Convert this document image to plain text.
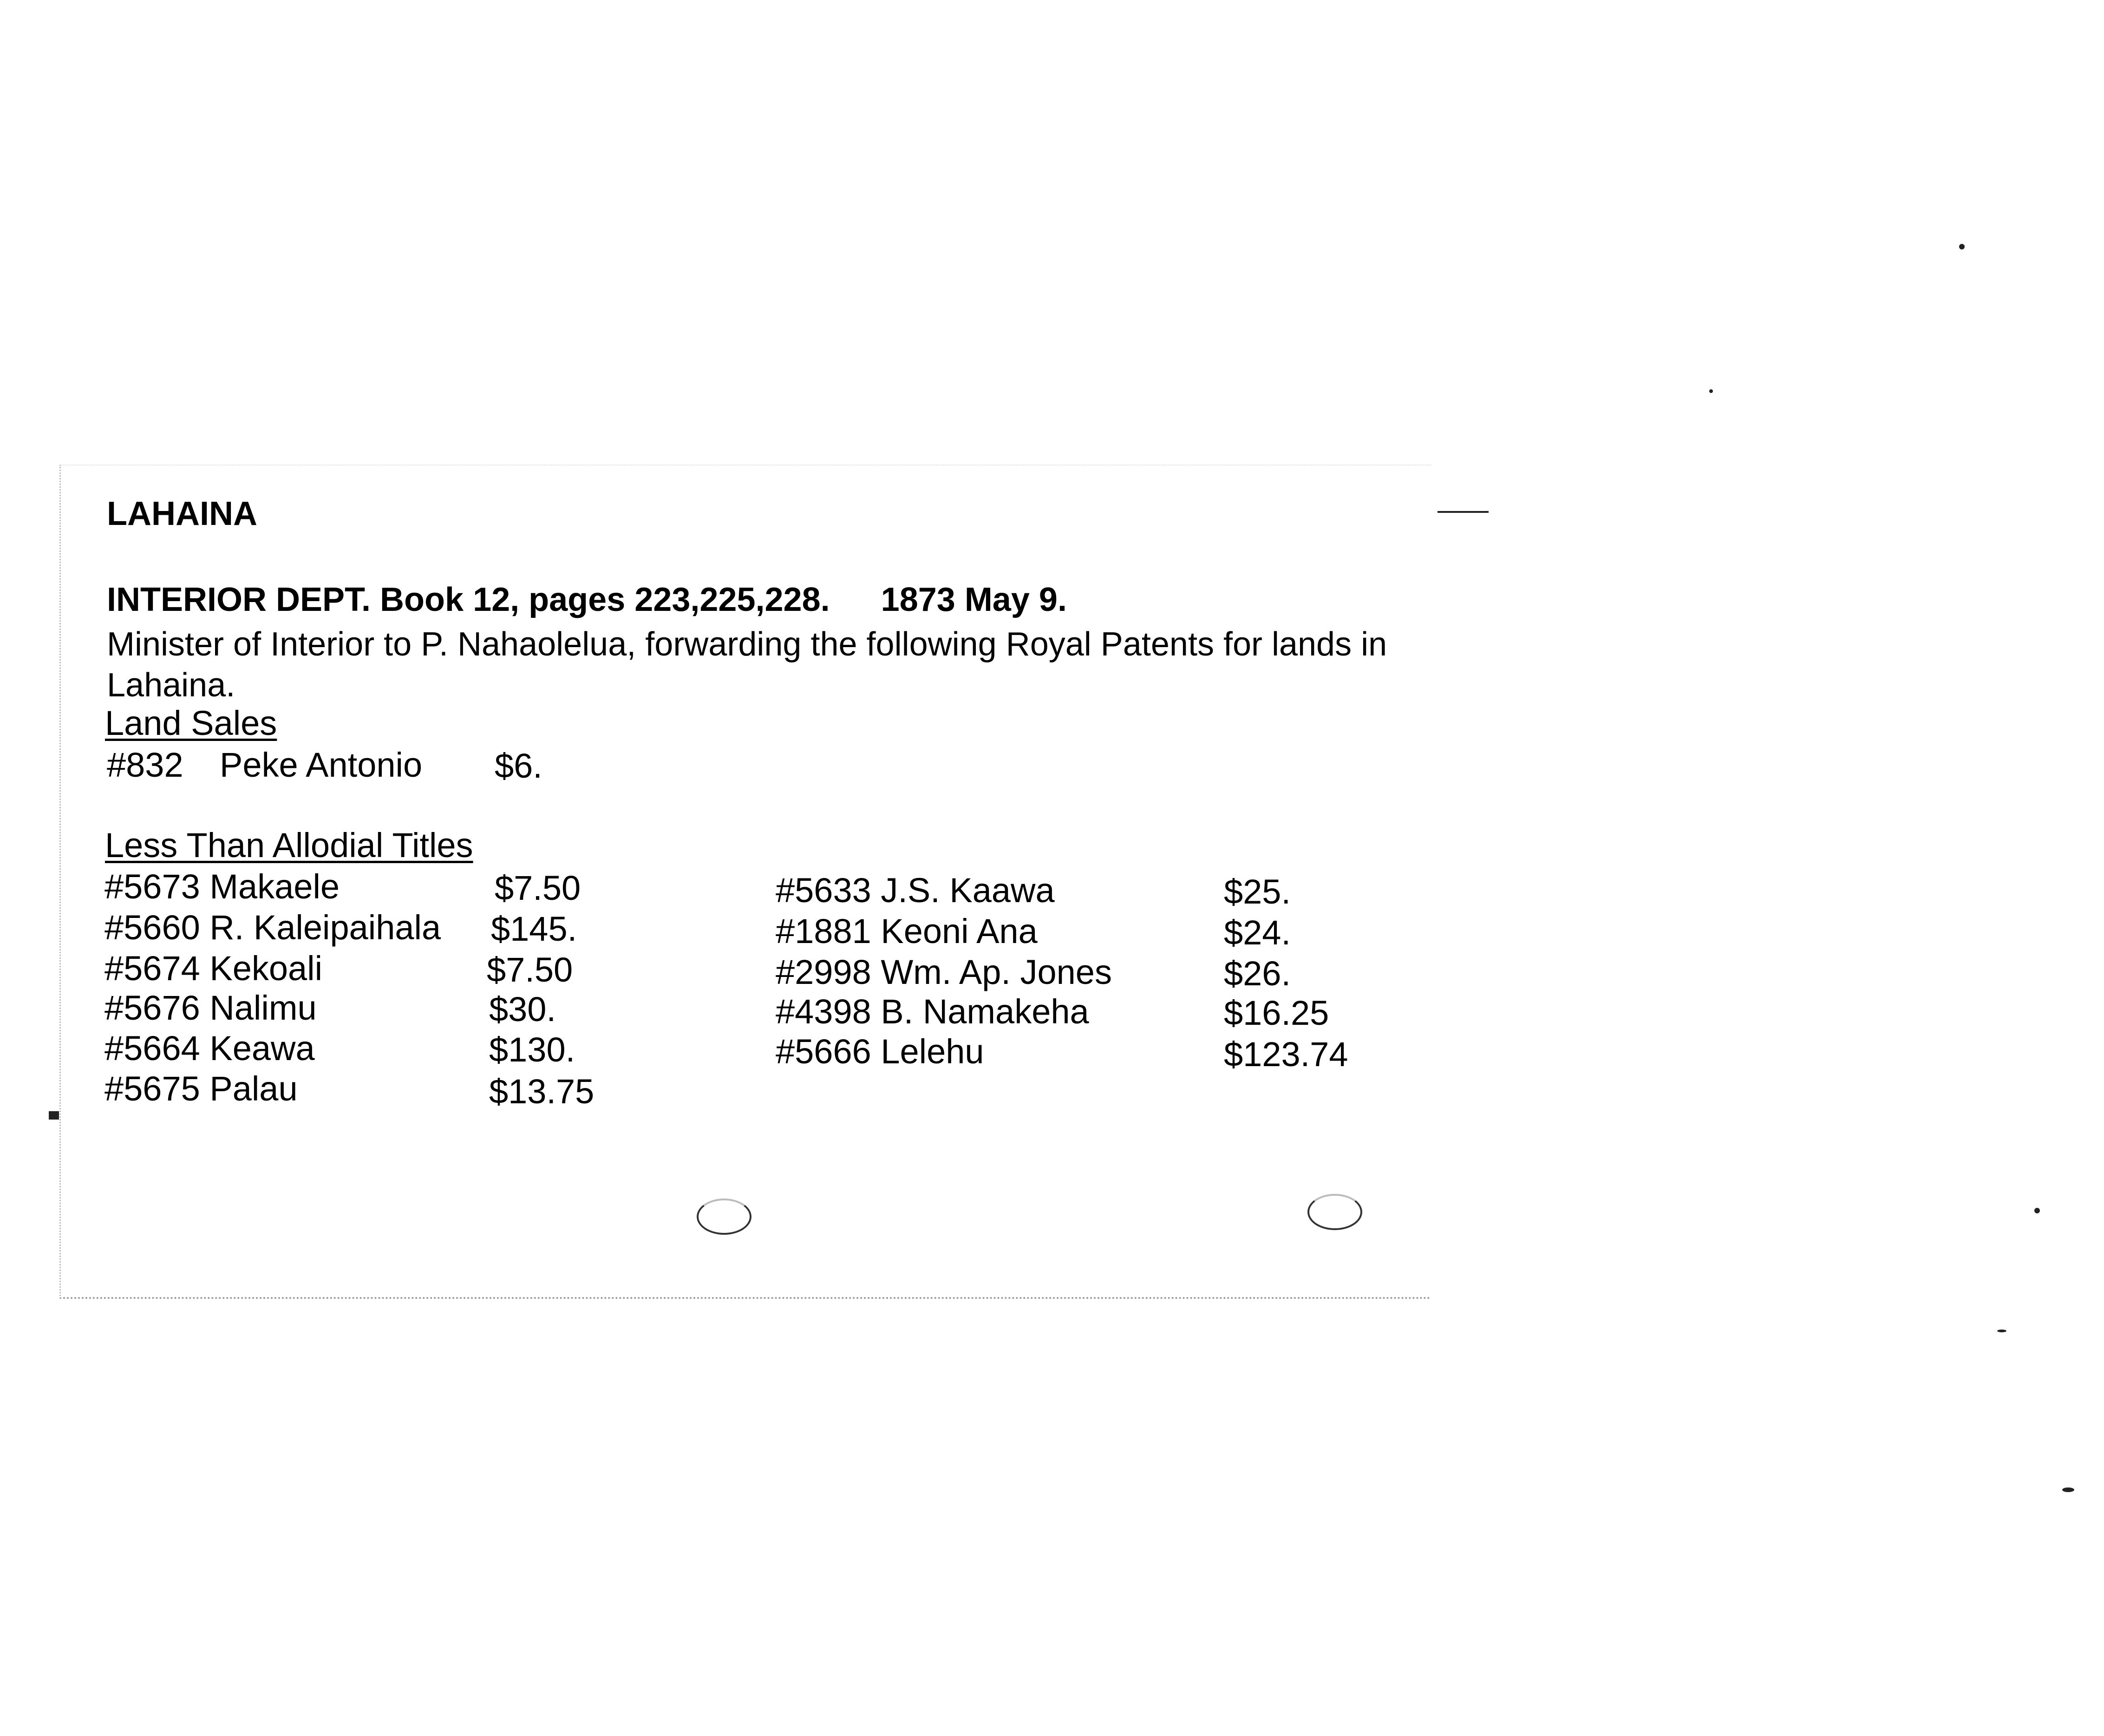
LAHAINA
INTERIOR DEPT. Book 12, pages 223,225,228. 1873 May 9.
Minister of Interior to P. Nahaolelua, forwarding the following Royal Patents for lands in Lahaina.
Land Sales
#832 Peke Antonio $6.
Less Than Allodial Titles
#5673 Makaele	$7.50
#5660 R. Kaleipaihala $145.
#5674 Kekoali	$7.50
#5676 Nalimu	$30.
#5664 Keawa	$130.
#5675 Palau	$13.75
#5633 J.S. Kaawa	$25.
#1881 Keoni Ana	$24.
#2998 Wm. Ap. Jones	$26.
#4398 B. Namakeha	$16.25
#5666 Lelehu	$123.74
